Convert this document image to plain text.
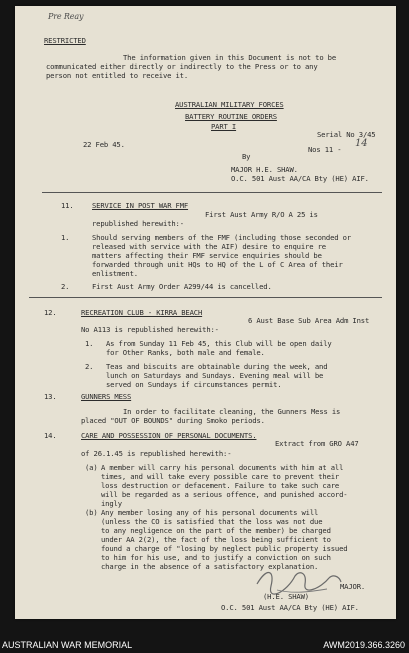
Pre Reay
RESTRICTED
The information given in this Document is not to be
communicated either directly or indirectly to the Press or to any
person not entitled to receive it.
AUSTRALIAN MILITARY FORCES
BATTERY ROUTINE ORDERS
PART I
Serial No 3/45
22 Feb 45.
Nos 11 -
14
By
MAJOR H.E. SHAW.
O.C. 501 Aust AA/CA Bty (HE) AIF.
11.	SERVICE IN POST WAR FMF
First Aust Army R/O A 25 is
republished herewith:-
1.	Should serving members of the FMF (including those seconded or
released with service with the AIF) desire to enquire re
matters affecting their FMF service enquiries should be
forwarded through unit HQs to HQ of the L of C Area of their
enlistment.
2.	First Aust Army Order A299/44 is cancelled.
12.	RECREATION CLUB - KIRRA BEACH
6 Aust Base Sub Area Adm Inst
No A113 is republished herewith:-
1. As from Sunday 11 Feb 45, this Club will be open daily
for Other Ranks, both male and female.
2. Teas and biscuits are obtainable during the week, and
lunch on Saturdays and Sundays. Evening meal will be
served on Sundays if circumstances permit.
13.	GUNNERS MESS
In order to facilitate cleaning, the Gunners Mess is
placed "OUT OF BOUNDS" during Smoko periods.
14.	CARE AND POSSESSION OF PERSONAL DOCUMENTS.
Extract from GRO A47
of 26.1.45 is republished herewith:-
(a) A member will carry his personal documents with him at all
times, and will take every possible care to prevent their
loss destruction or defacement. Failure to take such care
will be regarded as a serious offence, and punished accord-
ingly
(b) Any member losing any of his personal documents will
(unless the CO is satisfied that the loss was not due
to any negligence on the part of the member) be charged
under AA 2(2), the fact of the loss being sufficient to
found a charge of "losing by neglect public property issued
to him for his use, and to justify a conviction on such
charge in the absence of a satisfactory explanation.
MAJOR.
(H.E. SHAW)
O.C. 501 Aust AA/CA Bty (HE) AIF.
AUSTRALIAN WAR MEMORIAL	AWM2019.366.3260
